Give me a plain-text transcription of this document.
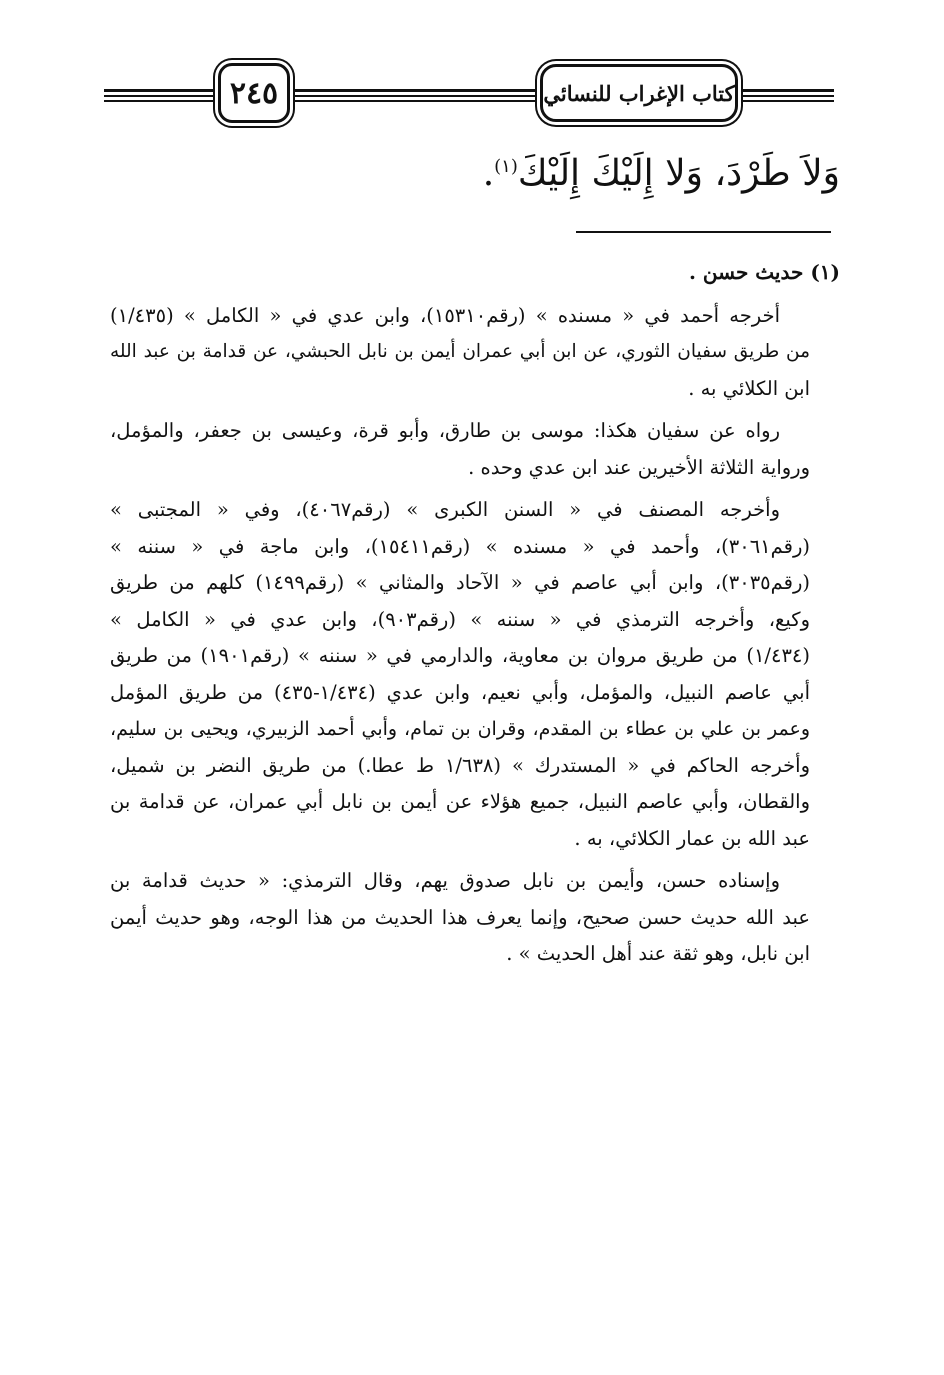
٢٤٥	كتاب الإغراب للنسائي
وَلاَ طَرْدَ، وَلا إِلَيْكَ إِلَيْكَ$^{(١)}$.
(١) حديث حسن .
أخرجه أحمد في « مسنده » (رقم١٥٣١٠)، وابن عدي في « الكامل » (١/٤٣٥)
من طريق سفيان الثوري، عن ابن أبي عمران أيمن بن نابل الحبشي، عن قدامة بن عبد الله
ابن الكلائي به .
رواه عن سفيان هكذا: موسى بن طارق، وأبو قرة، وعيسى بن جعفر، والمؤمل،
ورواية الثلاثة الأخيرين عند ابن عدي وحده .
وأخرجه المصنف في « السنن الكبرى » (رقم٤٠٦٧)، وفي « المجتبى »
(رقم٣٠٦١)، وأحمد في « مسنده » (رقم١٥٤١١)، وابن ماجة في « سننه »
(رقم٣٠٣٥)، وابن أبي عاصم في « الآحاد والمثاني » (رقم١٤٩٩) كلهم من طريق
وكيع، وأخرجه الترمذي في « سننه » (رقم٩٠٣)، وابن عدي في « الكامل »
(١/٤٣٤) من طريق مروان بن معاوية، والدارمي في « سننه » (رقم١٩٠١) من طريق
أبي عاصم النبيل، والمؤمل، وأبي نعيم، وابن عدي (١/٤٣٤-٤٣٥) من طريق المؤمل
وعمر بن علي بن عطاء بن المقدم، وقران بن تمام، وأبي أحمد الزبيري، ويحيى بن سليم،
وأخرجه الحاكم في « المستدرك » (١/٦٣٨ ط عطا.) من طريق النضر بن شميل،
والقطان، وأبي عاصم النبيل، جميع هؤلاء عن أيمن بن نابل أبي عمران، عن قدامة بن
عبد الله بن عمار الكلائي، به .
وإسناده حسن، وأيمن بن نابل صدوق يهم، وقال الترمذي: « حديث قدامة بن
عبد الله حديث حسن صحيح، وإنما يعرف هذا الحديث من هذا الوجه، وهو حديث أيمن
ابن نابل، وهو ثقة عند أهل الحديث » .
